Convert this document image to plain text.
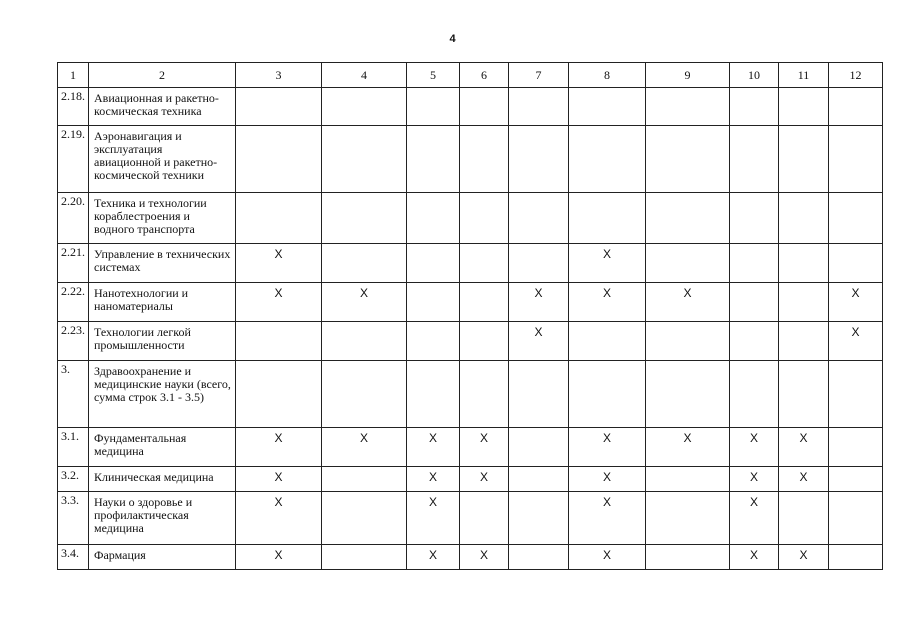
4
1	2	3	4	5	6	7	8	9	10	11	12
2.18.	Авиационная и ракетно-космическая техника										
2.19.	Аэронавигация и эксплуатация авиационной и ракетно-космической техники										
2.20.	Техника и технологии кораблестроения и водного транспорта										
2.21.	Управление в технических системах	X					X				
2.22.	Нанотехнологии и наноматериалы	X	X			X	X	X			X
2.23.	Технологии легкой промышленности					X					X
3.	Здравоохранение и медицинские науки (всего, сумма строк 3.1 - 3.5)										
3.1.	Фундаментальная медицина	X	X	X	X		X	X	X	X	
3.2.	Клиническая медицина	X		X	X		X		X	X	
3.3.	Науки о здоровье и профилактическая медицина	X		X			X		X		
3.4.	Фармация	X		X	X		X		X	X	
